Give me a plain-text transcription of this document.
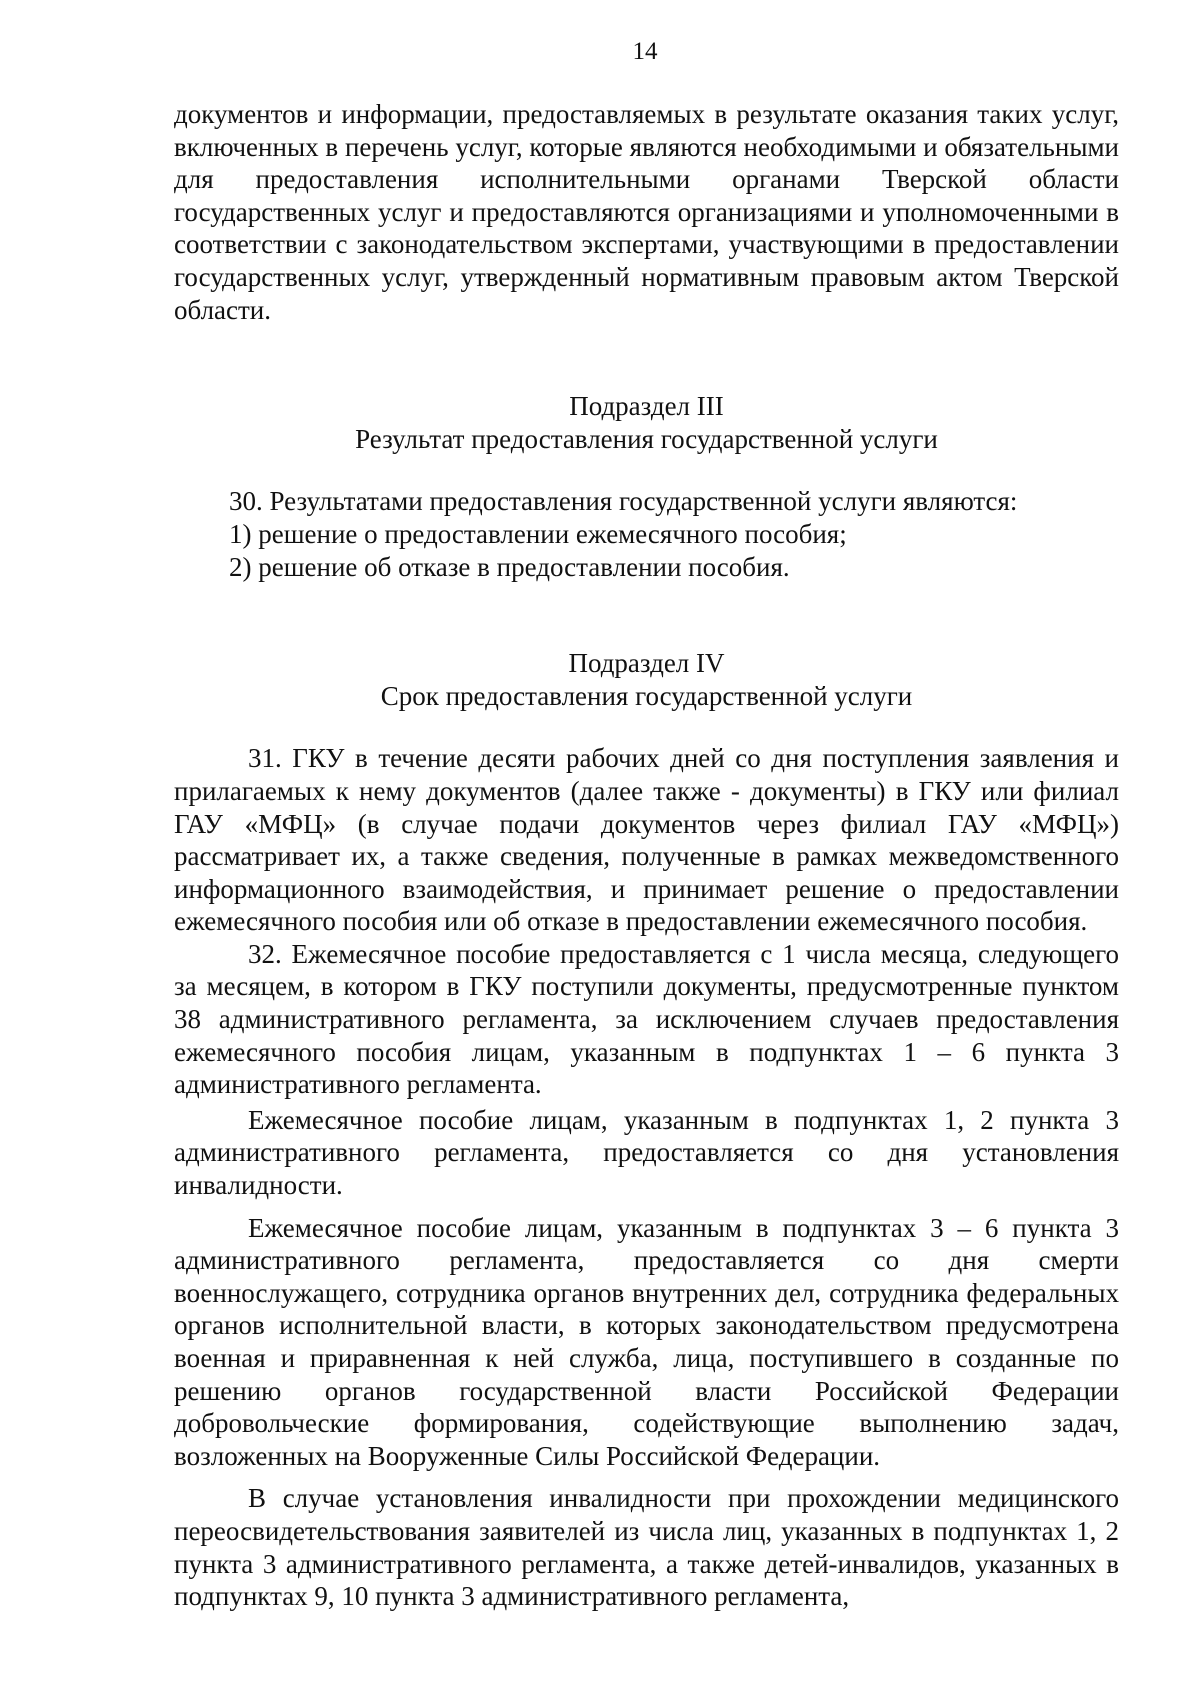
14

документов и информации, предоставляемых в результате оказания таких услуг, включенных в перечень услуг, которые являются необходимыми и обязательными для предоставления исполнительными органами Тверской области государственных услуг и предоставляются организациями и уполномоченными в соответствии с законодательством экспертами, участвующими в предоставлении государственных услуг, утвержденный нормативным правовым актом Тверской области.

Подраздел III
Результат предоставления государственной услуги

30. Результатами предоставления государственной услуги являются:

1) решение о предоставлении ежемесячного пособия;

2) решение об отказе в предоставлении пособия.

Подраздел IV
Срок предоставления государственной услуги

31. ГКУ в течение десяти рабочих дней со дня поступления заявления и прилагаемых к нему документов (далее также - документы) в ГКУ или филиал ГАУ «МФЦ» (в случае подачи документов через филиал ГАУ «МФЦ») рассматривает их, а также сведения, полученные в рамках межведомственного информационного взаимодействия, и принимает решение о предоставлении ежемесячного пособия или об отказе в предоставлении ежемесячного пособия.

32. Ежемесячное пособие предоставляется с 1 числа месяца, следующего за месяцем, в котором в ГКУ поступили документы, предусмотренные пунктом 38 административного регламента, за исключением случаев предоставления ежемесячного пособия лицам, указанным в подпунктах 1 – 6 пункта 3 административного регламента.

Ежемесячное пособие лицам, указанным в подпунктах 1, 2 пункта 3 административного регламента, предоставляется со дня установления инвалидности.

Ежемесячное пособие лицам, указанным в подпунктах 3 – 6 пункта 3 административного регламента, предоставляется со дня смерти военнослужащего, сотрудника органов внутренних дел, сотрудника федеральных органов исполнительной власти, в которых законодательством предусмотрена военная и приравненная к ней служба, лица, поступившего в созданные по решению органов государственной власти Российской Федерации добровольческие формирования, содействующие выполнению задач, возложенных на Вооруженные Силы Российской Федерации.

В случае установления инвалидности при прохождении медицинского переосвидетельствования заявителей из числа лиц, указанных в подпунктах 1, 2 пункта 3 административного регламента, а также детей-инвалидов, указанных в подпунктах 9, 10 пункта 3 административного регламента,
